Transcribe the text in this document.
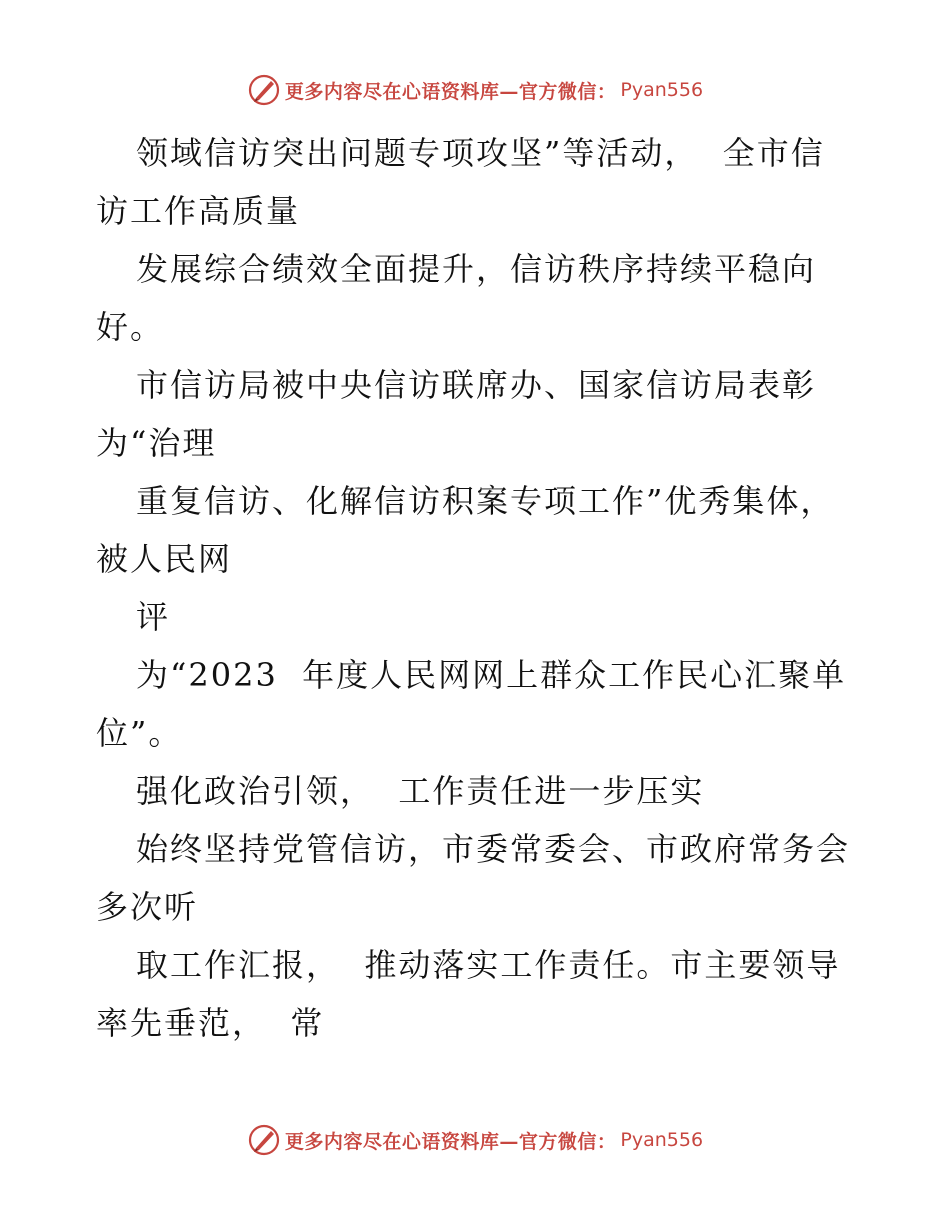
更多内容尽在心语资料库—官方微信： Pyan556

领域信访突出问题专项攻坚”等活动，  全市信

访工作高质量

发展综合绩效全面提升，信访秩序持续平稳向

好。

市信访局被中央信访联席办、国家信访局表彰

为“治理

重复信访、化解信访积案专项工作”优秀集体，

被人民网

评

为“2023  年度人民网网上群众工作民心汇聚单

位”。

强化政治引领，  工作责任进一步压实

始终坚持党管信访，市委常委会、市政府常务会

多次听

取工作汇报，  推动落实工作责任。市主要领导

率先垂范，  常

更多内容尽在心语资料库—官方微信： Pyan556
